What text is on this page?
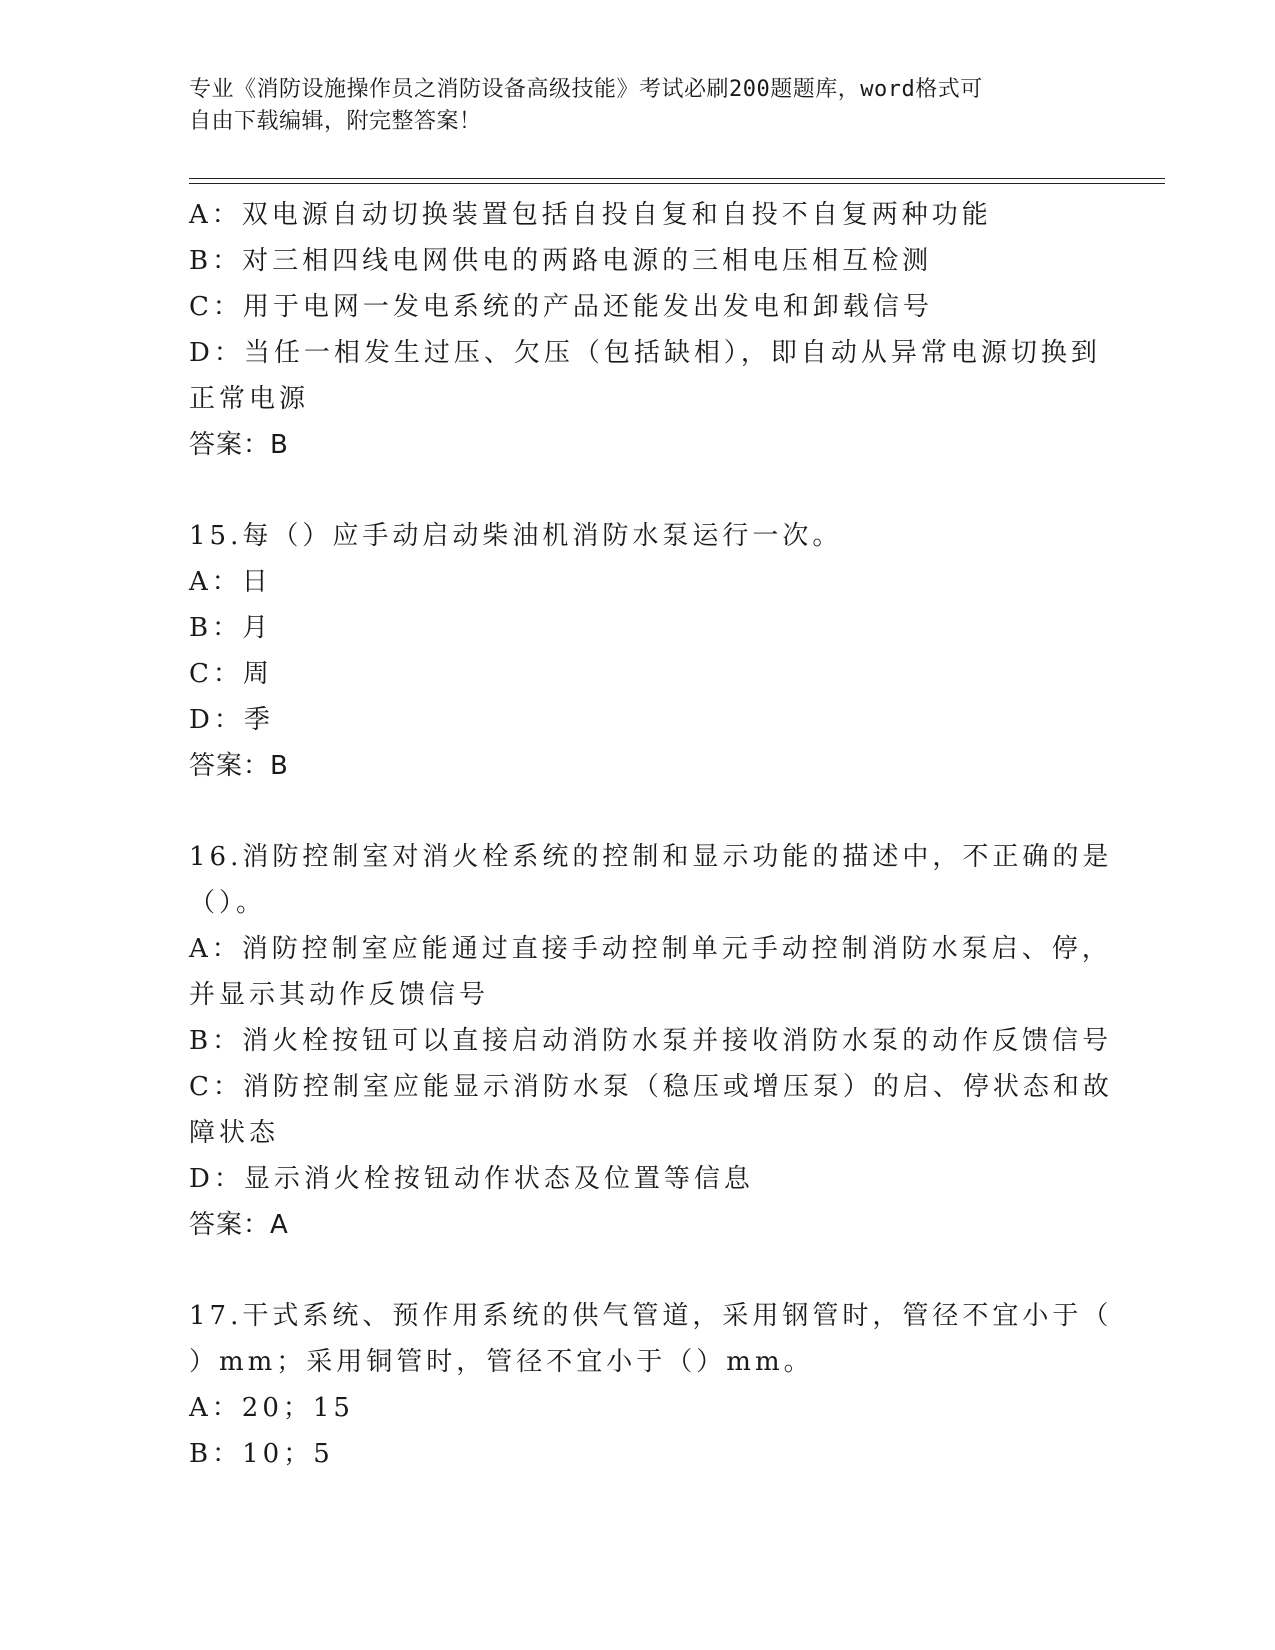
专业《消防设施操作员之消防设备高级技能》考试必刷200题题库，word格式可
自由下载编辑，附完整答案！
A：双电源自动切换装置包括自投自复和自投不自复两种功能
B：对三相四线电网供电的两路电源的三相电压相互检测
C：用于电网一发电系统的产品还能发出发电和卸载信号
D：当任一相发生过压、欠压（包括缺相），即自动从异常电源切换到
正常电源
答案：B
15.每（）应手动启动柴油机消防水泵运行一次。
A：日
B：月
C：周
D：季
答案：B
16.消防控制室对消火栓系统的控制和显示功能的描述中，不正确的是
（）。
A：消防控制室应能通过直接手动控制单元手动控制消防水泵启、停，
并显示其动作反馈信号
B：消火栓按钮可以直接启动消防水泵并接收消防水泵的动作反馈信号
C：消防控制室应能显示消防水泵（稳压或增压泵）的启、停状态和故
障状态
D：显示消火栓按钮动作状态及位置等信息
答案：A
17.干式系统、预作用系统的供气管道，采用钢管时，管径不宜小于（
）mm；采用铜管时，管径不宜小于（）mm。
A：20；15
B：10；5
